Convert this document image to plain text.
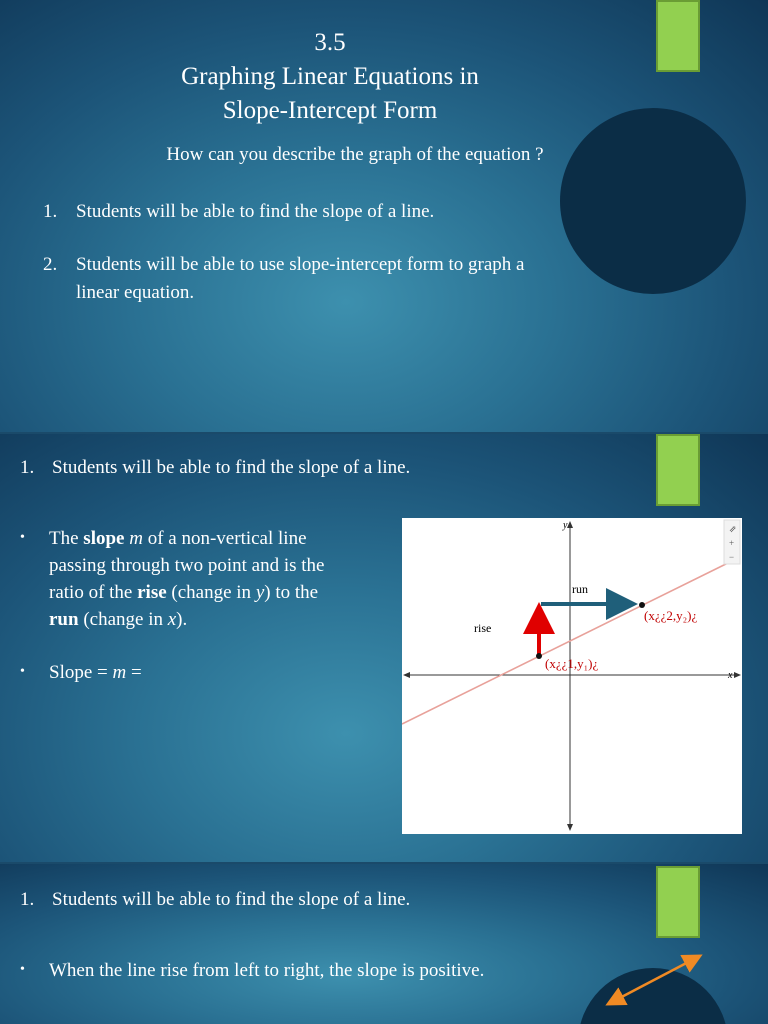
3.5
Graphing Linear Equations in
Slope-Intercept Form
How can you describe the graph of the equation ?
1. Students will be able to find the slope of a line.
2. Students will be able to use slope-intercept form to graph a
linear equation.
1. Students will be able to find the slope of a line.
• The slope m of a non-vertical line
passing through two point and is the
ratio of the rise (change in y) to the
run (change in x).
• Slope = m =
⇗
+
−
y
x
run
rise
(x¿¿2,y₂)¿
(x¿¿1,y₁)¿
1. Students will be able to find the slope of a line.
• When the line rise from left to right, the slope is positive.
